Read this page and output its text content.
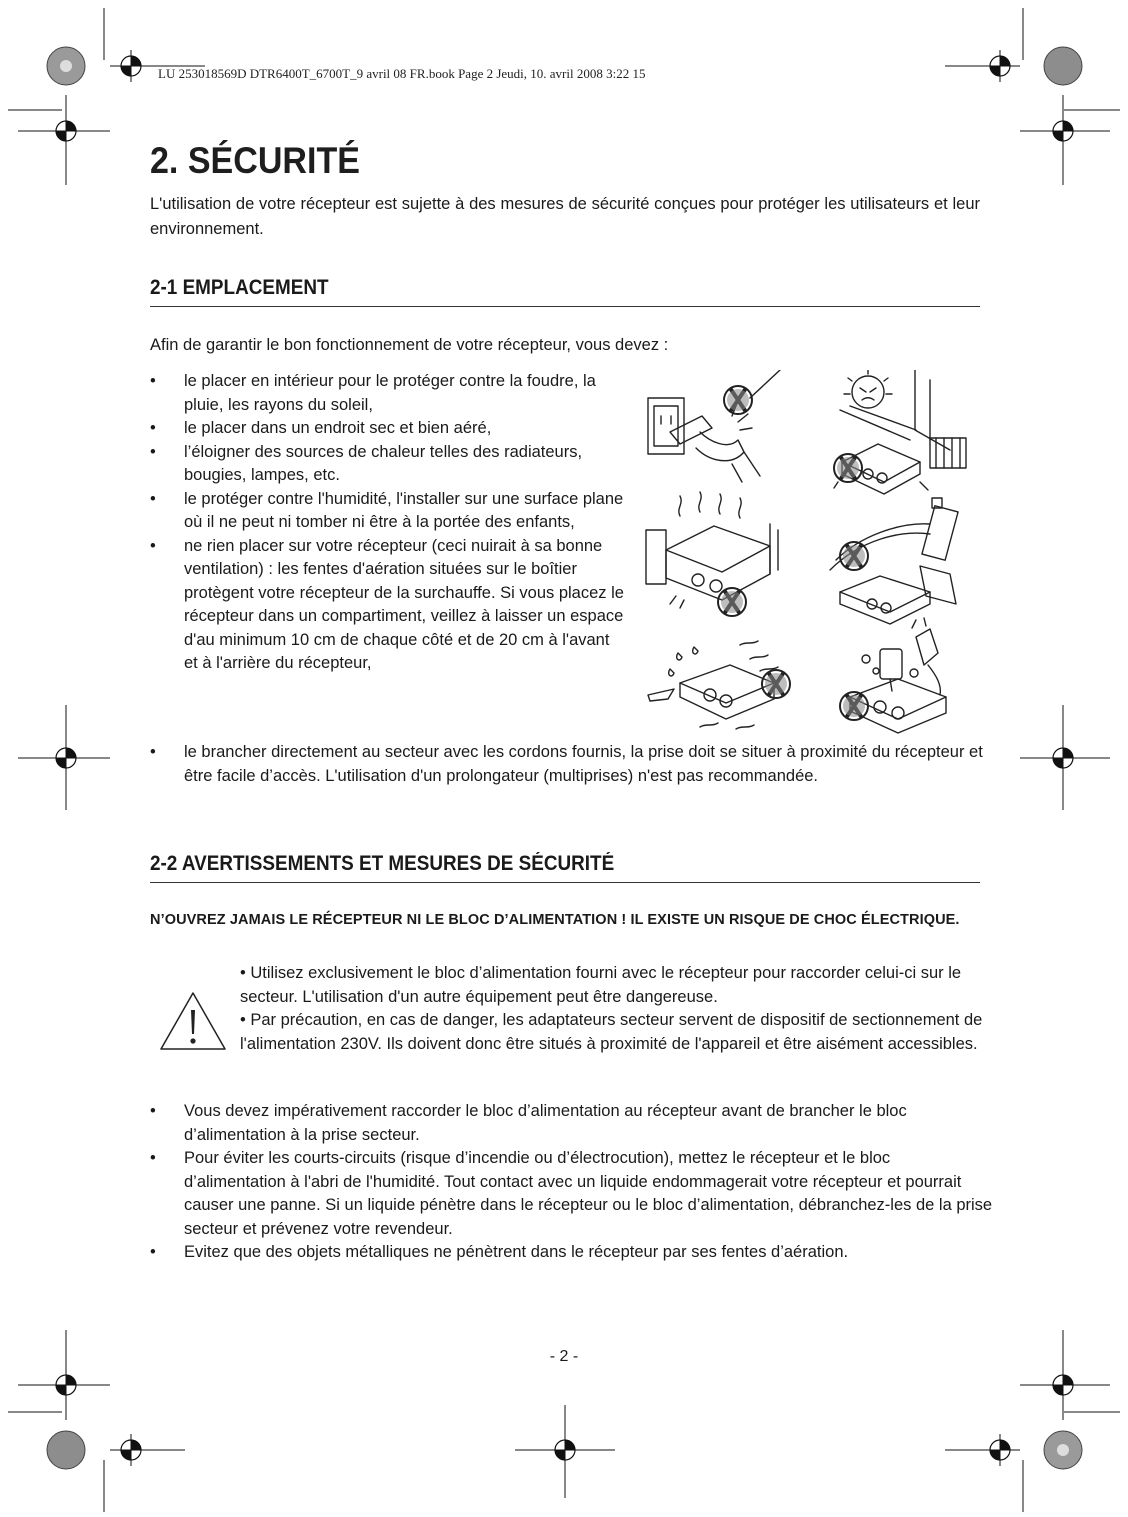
LU 253018569D DTR6400T_6700T_9 avril 08 FR.book Page 2 Jeudi, 10. avril 2008 3:22 15
2. SÉCURITÉ

L'utilisation de votre récepteur est sujette à des mesures de sécurité conçues pour protéger les utilisateurs et leur environnement.

2-1 EMPLACEMENT

Afin de garantir le bon fonctionnement de votre récepteur, vous devez :

• le placer en intérieur pour le protéger contre la foudre, la pluie, les rayons du soleil,
• le placer dans un endroit sec et bien aéré,
• l’éloigner des sources de chaleur telles des radiateurs, bougies, lampes, etc.
• le protéger contre l'humidité, l'installer sur une surface plane où il ne peut ni tomber ni être à la portée des enfants,
• ne rien placer sur votre récepteur (ceci nuirait à sa bonne ventilation) : les fentes d'aération situées sur le boîtier protègent votre récepteur de la surchauffe. Si vous placez le récepteur dans un compartiment, veillez à laisser un espace d'au minimum 10 cm de chaque côté et de 20 cm à l'avant et à l'arrière du récepteur,
• le brancher directement au secteur avec les cordons fournis, la prise doit se situer à proximité du récepteur et être facile d’accès. L'utilisation d'un prolongateur (multiprises) n'est pas recommandée.
2-2 AVERTISSEMENTS ET MESURES DE SÉCURITÉ

N’OUVREZ JAMAIS LE RÉCEPTEUR NI LE BLOC D’ALIMENTATION ! IL EXISTE UN RISQUE DE CHOC ÉLECTRIQUE.

• Utilisez exclusivement le bloc d’alimentation fourni avec le récepteur pour raccorder celui-ci sur le secteur. L'utilisation d'un autre équipement peut être dangereuse.

• Par précaution, en cas de danger, les adaptateurs secteur servent de dispositif de sectionnement de l'alimentation 230V. Ils doivent donc être situés à proximité de l'appareil et être aisément accessibles.

• Vous devez impérativement raccorder le bloc d’alimentation au récepteur avant de brancher le bloc d’alimentation à la prise secteur.
• Pour éviter les courts-circuits (risque d’incendie ou d’électrocution), mettez le récepteur et le bloc d’alimentation à l'abri de l'humidité. Tout contact avec un liquide endommagerait votre récepteur et pourrait causer une panne. Si un liquide pénètre dans le récepteur ou le bloc d’alimentation, débranchez-les de la prise secteur et prévenez votre revendeur.
• Evitez que des objets métalliques ne pénètrent dans le récepteur par ses fentes d’aération.
- 2 -
